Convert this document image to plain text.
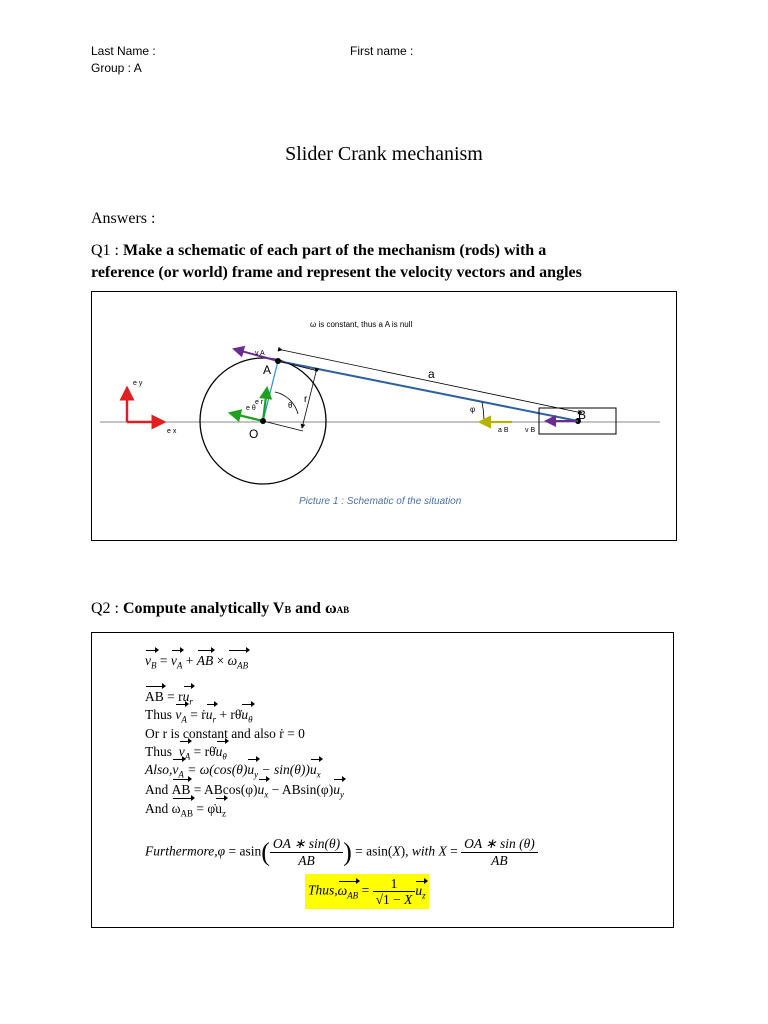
Last Name :	First name :
Group : A
Slider Crank mechanism
Answers :
Q1 : Make a schematic of each part of the mechanism (rods) with a
reference (or world) frame and represent the velocity vectors and angles
ω is constant, thus a A is null
e y
e x
a
r
θ	φ
v A
e θ
e r
A
O
B
v B
a B
Picture 1 : Schematic of the situation
Q2 : Compute analytically VB and ωAB
$v_B = v_A$ + AB × $\omega_{AB}$
AB = $ru_r$
Thus $v_A$ = ṙu$_r$ + $r\thetȧu_\theta$
Or r is constant and also ṙ = 0
Thus $v_A$ = $r\thetȧu_\theta$
$Also,v_A = \omega(\cos(\theta)u_y - \sin(\theta))u_x$
And AB = $ABcos(\varphi)u_x - ABsin(\varphi)u_y$
And $\omega_{AB}$ = $\varphi̇u_z$
Furthermore,φ = $asin( \frac{OA ∗ \sin(\theta)}{AB}$ ) = asin(X), with $X = \frac{OA ∗ \sin (\theta)}{AB}$
$Thus,\omega_{AB} = \frac{1}{√1 - X} u_z$
